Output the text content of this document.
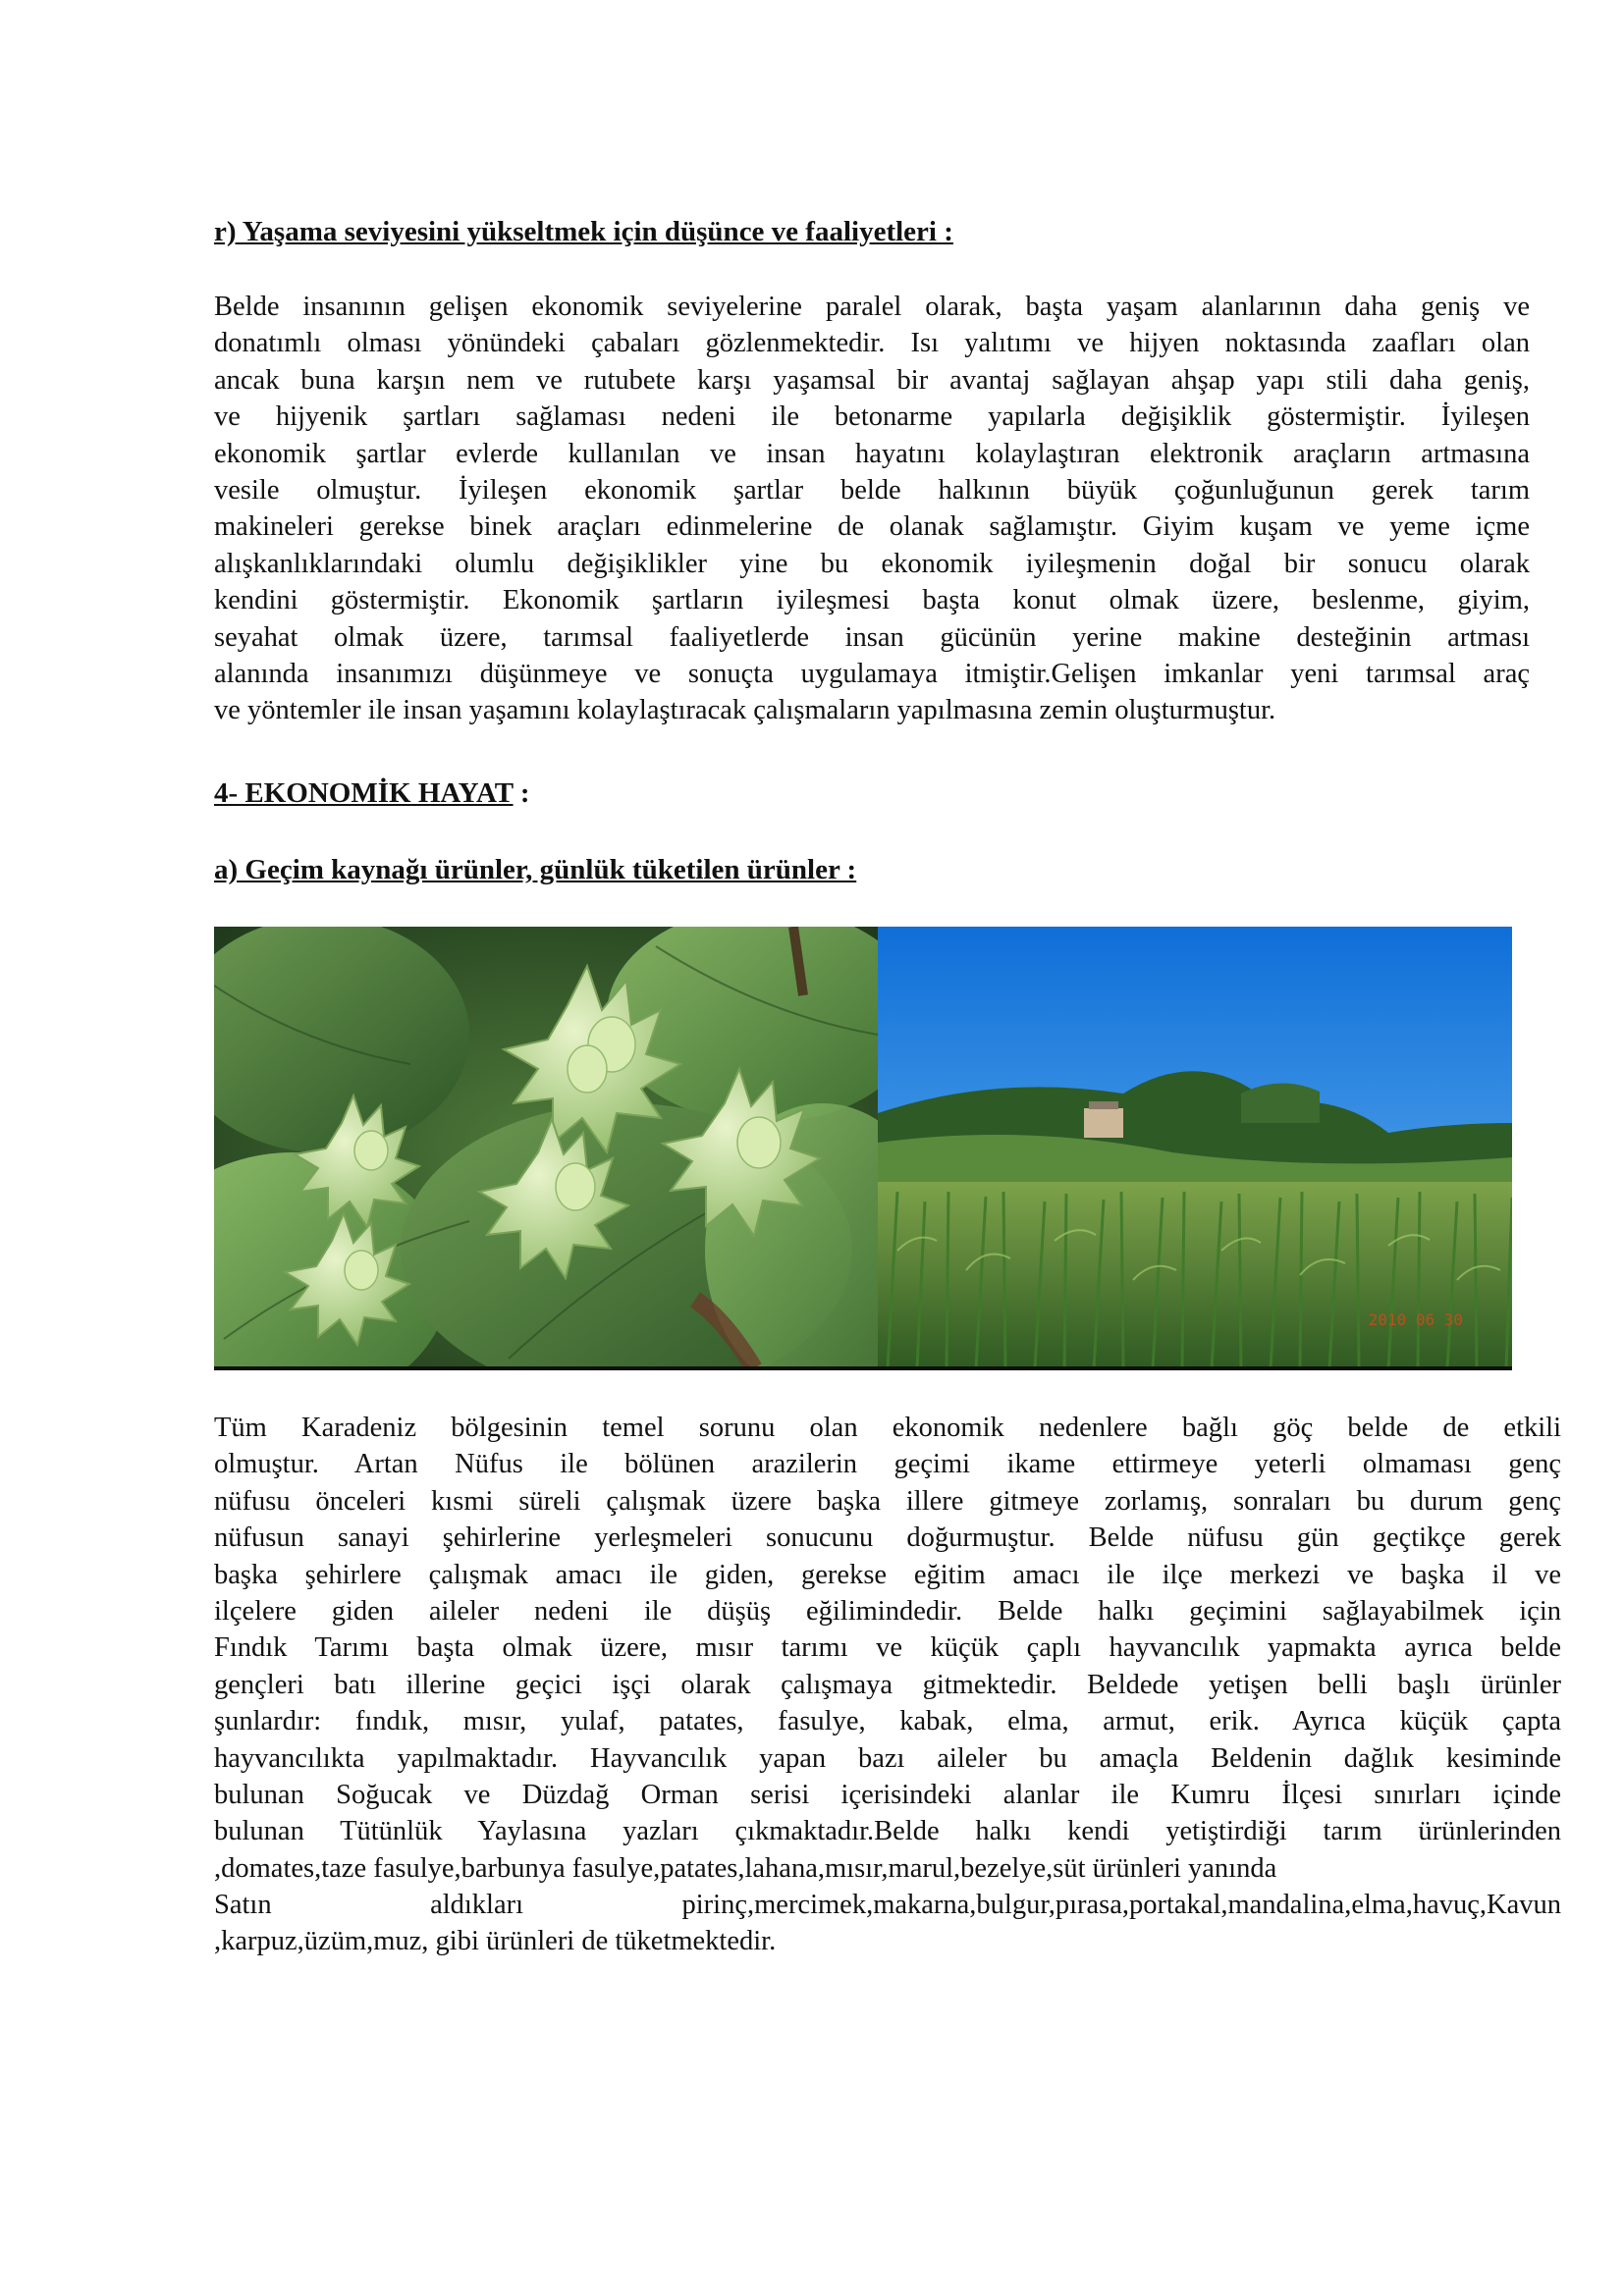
r) Yaşama seviyesini yükseltmek için düşünce ve faaliyetleri :
Belde insanının gelişen ekonomik seviyelerine paralel olarak, başta yaşam alanlarının daha geniş ve
donatımlı olması yönündeki çabaları gözlenmektedir. Isı yalıtımı ve hijyen noktasında zaafları olan
ancak buna karşın nem ve rutubete karşı yaşamsal bir avantaj sağlayan ahşap yapı stili daha geniş,
ve hijyenik şartları sağlaması nedeni ile betonarme yapılarla değişiklik göstermiştir. İyileşen
ekonomik şartlar evlerde kullanılan ve insan hayatını kolaylaştıran elektronik araçların artmasına
vesile olmuştur. İyileşen ekonomik şartlar belde halkının büyük çoğunluğunun gerek tarım
makineleri gerekse binek araçları edinmelerine de olanak sağlamıştır. Giyim kuşam ve yeme içme
alışkanlıklarındaki olumlu değişiklikler yine bu ekonomik iyileşmenin doğal bir sonucu olarak
kendini göstermiştir. Ekonomik şartların iyileşmesi başta konut olmak üzere, beslenme, giyim,
seyahat olmak üzere, tarımsal faaliyetlerde insan gücünün yerine makine desteğinin artması
alanında insanımızı düşünmeye ve sonuçta uygulamaya itmiştir.Gelişen imkanlar yeni tarımsal araç
ve yöntemler ile insan yaşamını kolaylaştıracak çalışmaların yapılmasına zemin oluşturmuştur.
4- EKONOMİK HAYAT :
a) Geçim kaynağı ürünler, günlük tüketilen ürünler :
2010 06 30
Tüm Karadeniz bölgesinin temel sorunu olan ekonomik nedenlere bağlı göç belde de etkili
olmuştur. Artan Nüfus ile bölünen arazilerin geçimi ikame ettirmeye yeterli olmaması genç
nüfusu önceleri kısmi süreli çalışmak üzere başka illere gitmeye zorlamış, sonraları bu durum genç
nüfusun sanayi şehirlerine yerleşmeleri sonucunu doğurmuştur. Belde nüfusu gün geçtikçe gerek
başka şehirlere çalışmak amacı ile giden, gerekse eğitim amacı ile ilçe merkezi ve başka il ve
ilçelere giden aileler nedeni ile düşüş eğilimindedir. Belde halkı geçimini sağlayabilmek için
Fındık Tarımı başta olmak üzere, mısır tarımı ve küçük çaplı hayvancılık yapmakta ayrıca belde
gençleri batı illerine geçici işçi olarak çalışmaya gitmektedir. Beldede yetişen belli başlı ürünler
şunlardır: fındık, mısır, yulaf, patates, fasulye, kabak, elma, armut, erik. Ayrıca küçük çapta
hayvancılıkta yapılmaktadır. Hayvancılık yapan bazı aileler bu amaçla Beldenin dağlık kesiminde
bulunan Soğucak ve Düzdağ Orman serisi içerisindeki alanlar ile Kumru İlçesi sınırları içinde
bulunan Tütünlük Yaylasına yazları çıkmaktadır.Belde halkı kendi yetiştirdiği tarım ürünlerinden
,domates,taze fasulye,barbunya fasulye,patates,lahana,mısır,marul,bezelye,süt ürünleri yanında
Satın aldıkları pirinç,mercimek,makarna,bulgur,pırasa,portakal,mandalina,elma,havuç,Kavun
,karpuz,üzüm,muz, gibi ürünleri de tüketmektedir.
